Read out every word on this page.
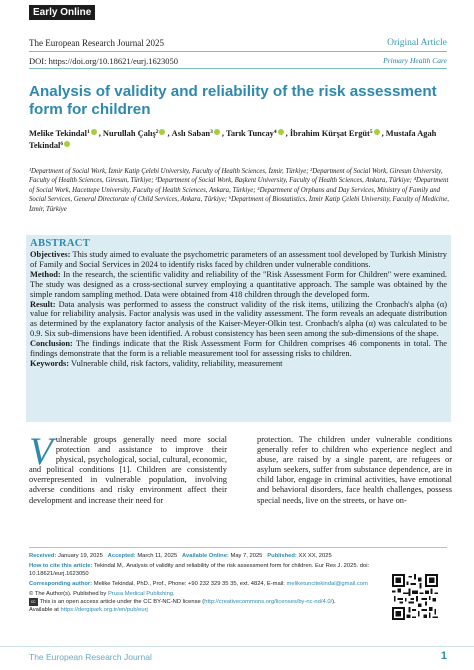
Early Online
The European Research Journal 2025	Original Article
DOI: https://doi.org/10.18621/eurj.1623050	Primary Health Care
Analysis of validity and reliability of the risk assessment form for children
Melike Tekindal$^1$ , Nurullah Çalış$^2$ , Aslı Saban$^3$ , Tarık Tuncay$^4$ , İbrahim Kürşat Ergüt$^5$ , Mustafa Agah Tekindal$^6$
¹Department of Social Work, İzmir Katip Çelebi University, Faculty of Health Sciences, İzmir, Türkiye; ²Department of Social Work, Giresun University, Faculty of Health Sciences, Giresun, Türkiye; ³Department of Social Work, Başkent University, Faculty of Health Sciences, Ankara, Türkiye; ⁴Department of Social Work, Hacettepe University, Faculty of Health Sciences, Ankara, Türkiye; ⁵Department of Orphans and Day Services, Ministry of Family and Social Services, General Directorate of Child Services, Ankara, Türkiye; ⁶Department of Biostatistics, İzmir Katip Çelebi University, Faculty of Medicine, İzmir, Türkiye
ABSTRACT

Objectives: This study aimed to evaluate the psychometric parameters of an assessment tool developed by Turkish Ministry of Family and Social Services in 2024 to identify risks faced by children under vulnerable conditions.

Method: In the research, the scientific validity and reliability of the "Risk Assessment Form for Children" were examined. The study was designed as a cross-sectional survey employing a quantitative approach. The sample was obtained by the simple random sampling method. Data were obtained from 418 children through the developed form.

Result: Data analysis was performed to assess the construct validity of the risk items, utilizing the Cronbach's alpha (α) value for reliability analysis. Factor analysis was used in the validity assessment. The form reveals an adequate distribution as determined by the explanatory factor analysis of the Kaiser-Meyer-Olkin test. Cronbach's alpha (α) was calculated to be 0.9. Six sub-dimensions have been identified. A robust consistency has been seen among the sub-dimensions of the shape.

Conclusion: The findings indicate that the Risk Assessment Form for Children comprises 46 components in total. The findings demonstrate that the form is a reliable measurement tool for assessing risks to children.

Keywords: Vulnerable child, risk factors, validity, reliability, measurement

Vulnerable groups generally need more social protection and assistance to improve their physical, psychological, social, cultural, economic, and political conditions [1]. Children are consistently overrepresented in vulnerable population, involving adverse conditions and risky environment affect their development and increase their need for
protection. The children under vulnerable conditions generally refer to children who experience neglect and abuse, are raised by a single parent, are refugees or asylum seekers, suffer from substance dependence, are in child labor, engage in criminal activities, have emotional and behavioral disorders, face health challenges, possess special needs, live on the streets, or have on-
Received: January 19, 2025 Accepted: March 11, 2025 Available Online: May 7, 2025 Published: XX XX, 2025
How to cite this article: Tekindal M,. Analysis of validity and reliability of the risk assessment form for children. Eur Res J. 2025. doi: 10.18621/eurj.1623050
Corresponding author: Melike Tekindal, PhD., Prof., Phone: +90 232 329 35 35, ext. 4824, E-mail: meliketuncitekindal@gmail.com
© The Author(s). Published by Prusa Medical Publishing.
cc This is an open access article under the CC BY-NC-ND license (http://creativecommons.org/licenses/by-nc-nd/4.0/).
Available at https://dergipark.org.tr/en/pub/eurj
The European Research Journal	1
